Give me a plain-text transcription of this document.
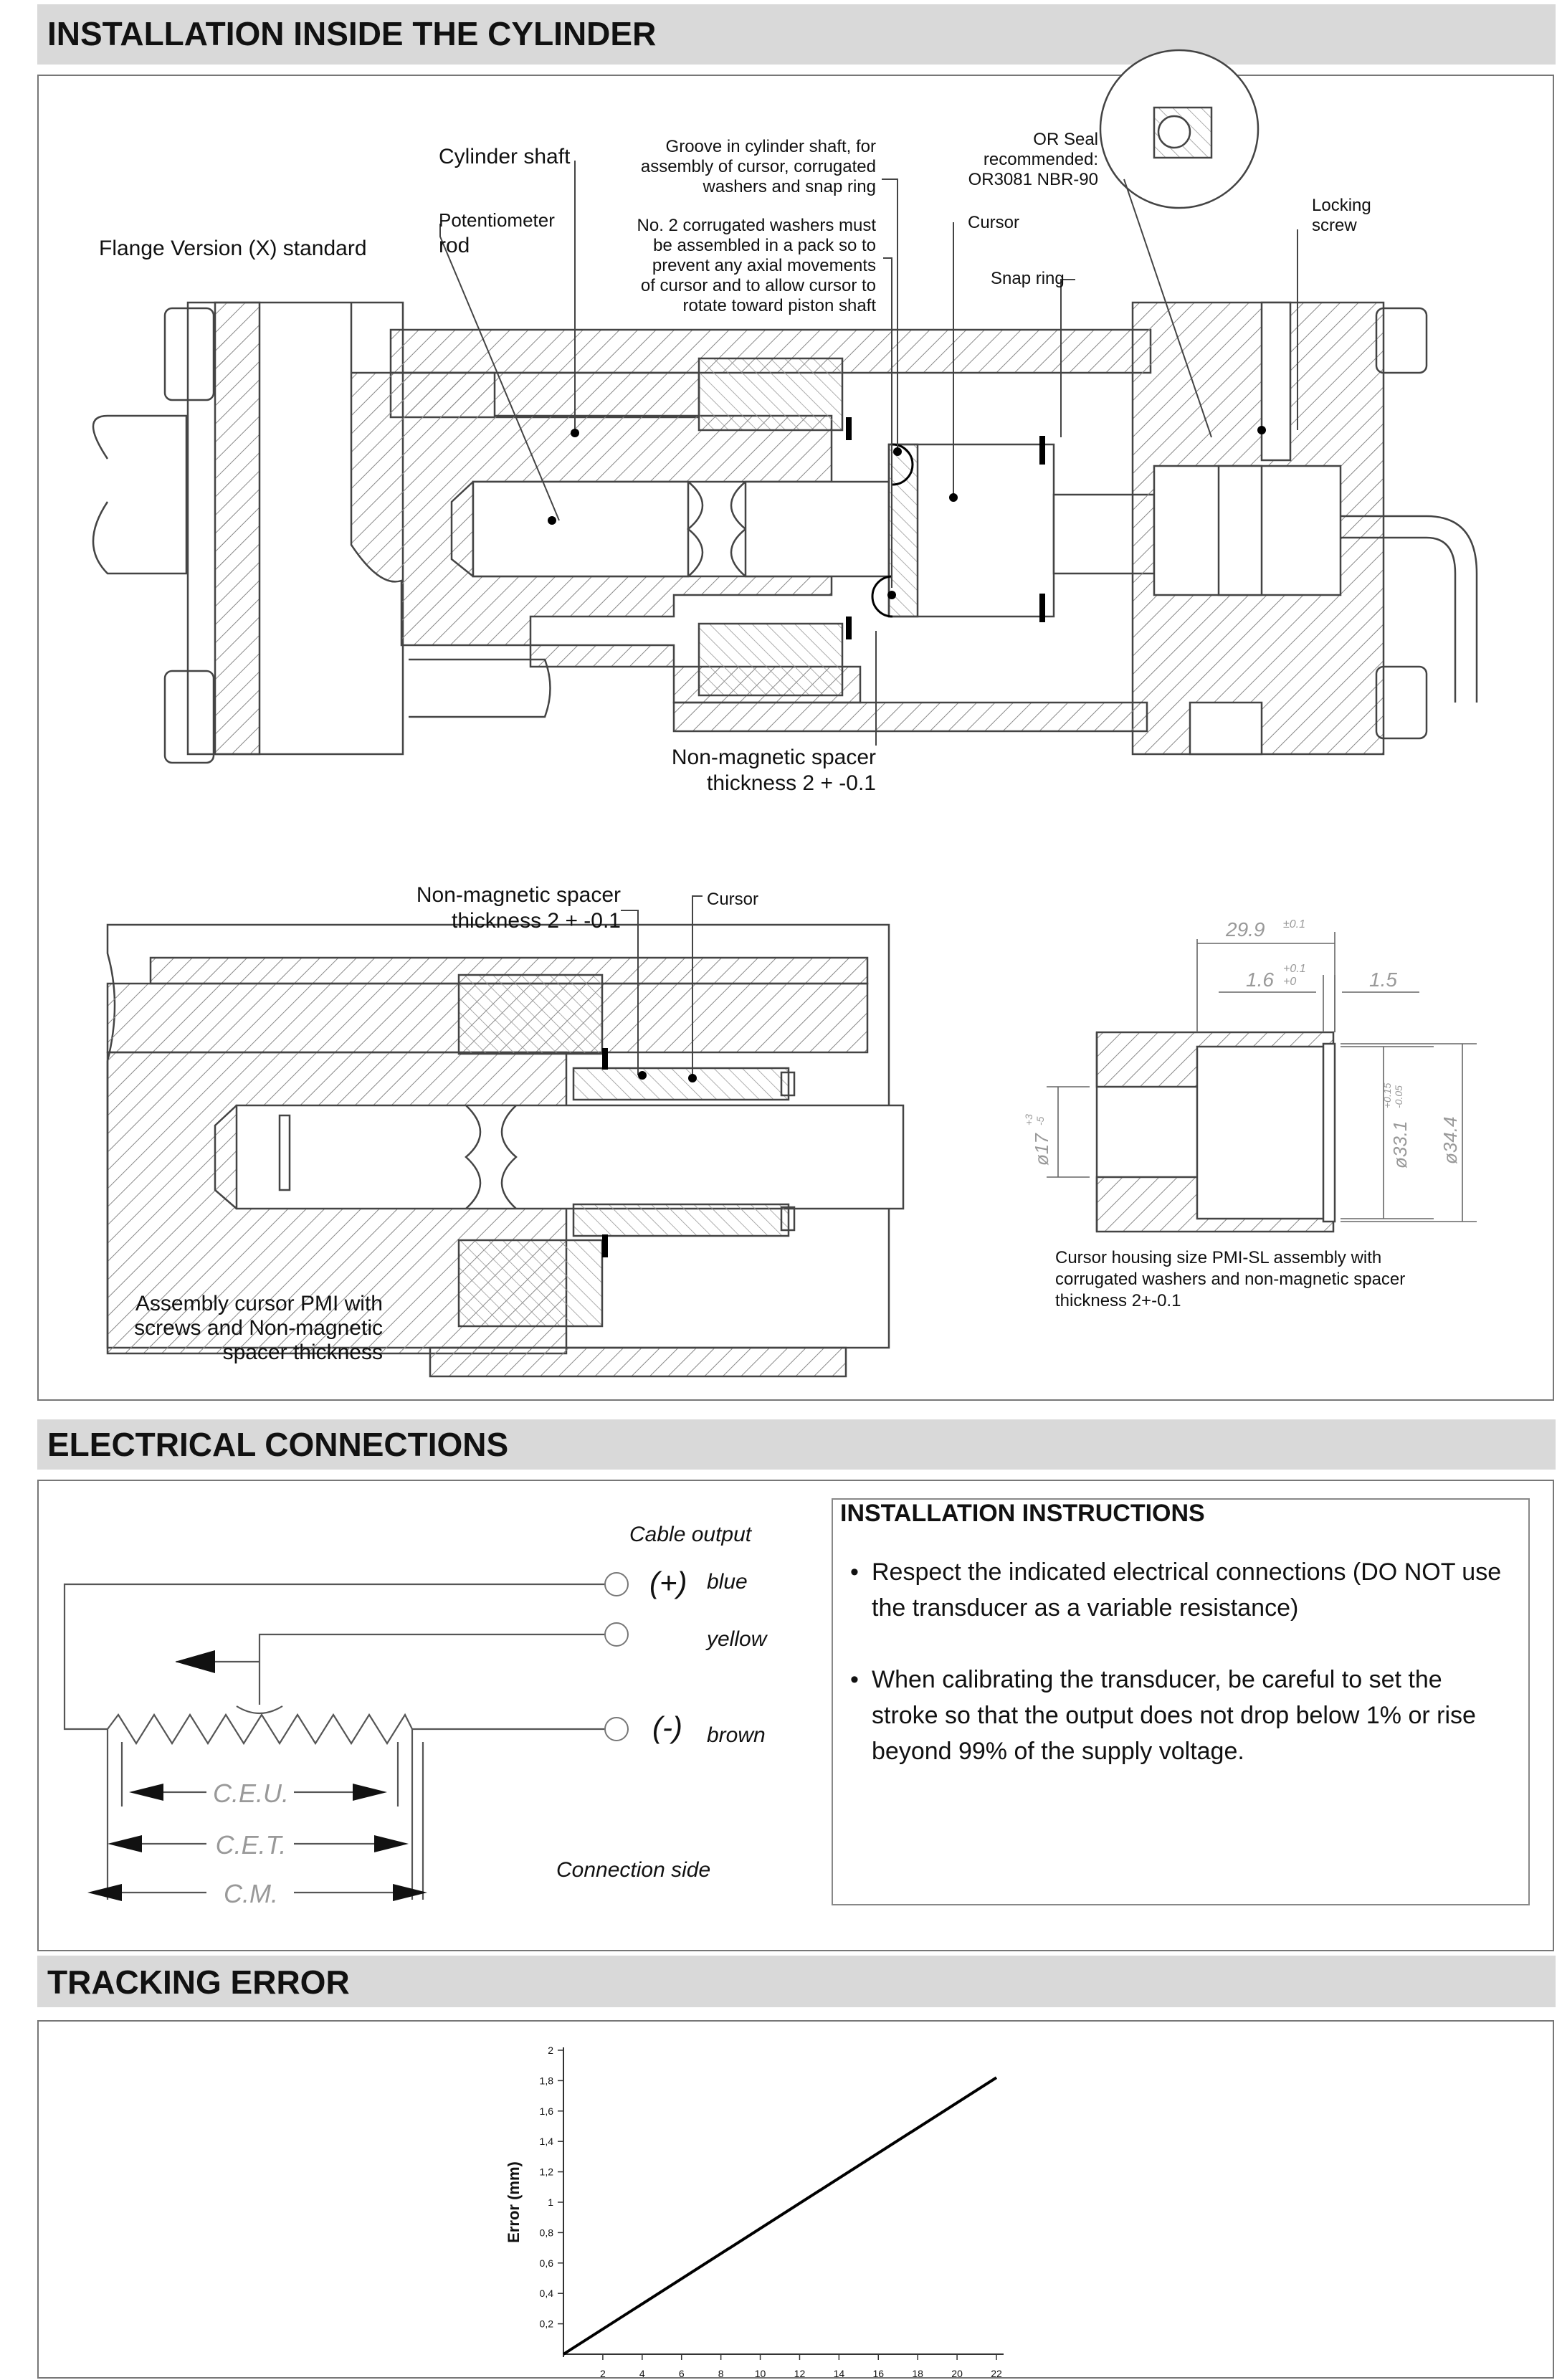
INSTALLATION INSIDE THE CYLINDER
ELECTRICAL CONNECTIONS
TRACKING ERROR
Flange Version (X) standard
Cylinder shaft
Potentiometer
rod
Groove in cylinder shaft, for
assembly of cursor, corrugated
washers and snap ring
No. 2 corrugated washers must
be assembled in a pack so to
prevent any axial movements
of cursor and to allow cursor to
rotate toward piston shaft
Cursor
Snap ring
OR Seal
recommended:
OR3081 NBR-90
Locking
screw
Non-magnetic spacer
thickness 2 + -0.1
Non-magnetic spacer
thickness 2 + -0.1
Cursor
Assembly cursor PMI with
screws and Non-magnetic
spacer thickness
29.9 ±0.1
1.6 +0.1
+0	1.5
ø17
+3 -5	ø33.1
+0.15 -0.05
ø34.4
Cursor housing size PMI-SL assembly with
corrugated washers and non-magnetic spacer
thickness 2+-0.1
C.E.U.
C.E.T.
C.M.
Cable output
(+) blue
yellow
(-) brown
Connection side
2	4	6	8	10	12	14	16	18	20	22
0,2
0,4
0,6
0,8
1
1,2
1,4
1,6
1,8
2
Error (mm)
INSTALLATION INSTRUCTIONS
• Respect the indicated electrical connections (DO NOT use the transducer as a variable resistance)
• When calibrating the transducer, be careful to set the stroke so that the output does not drop below 1% or rise beyond 99% of the supply voltage.
